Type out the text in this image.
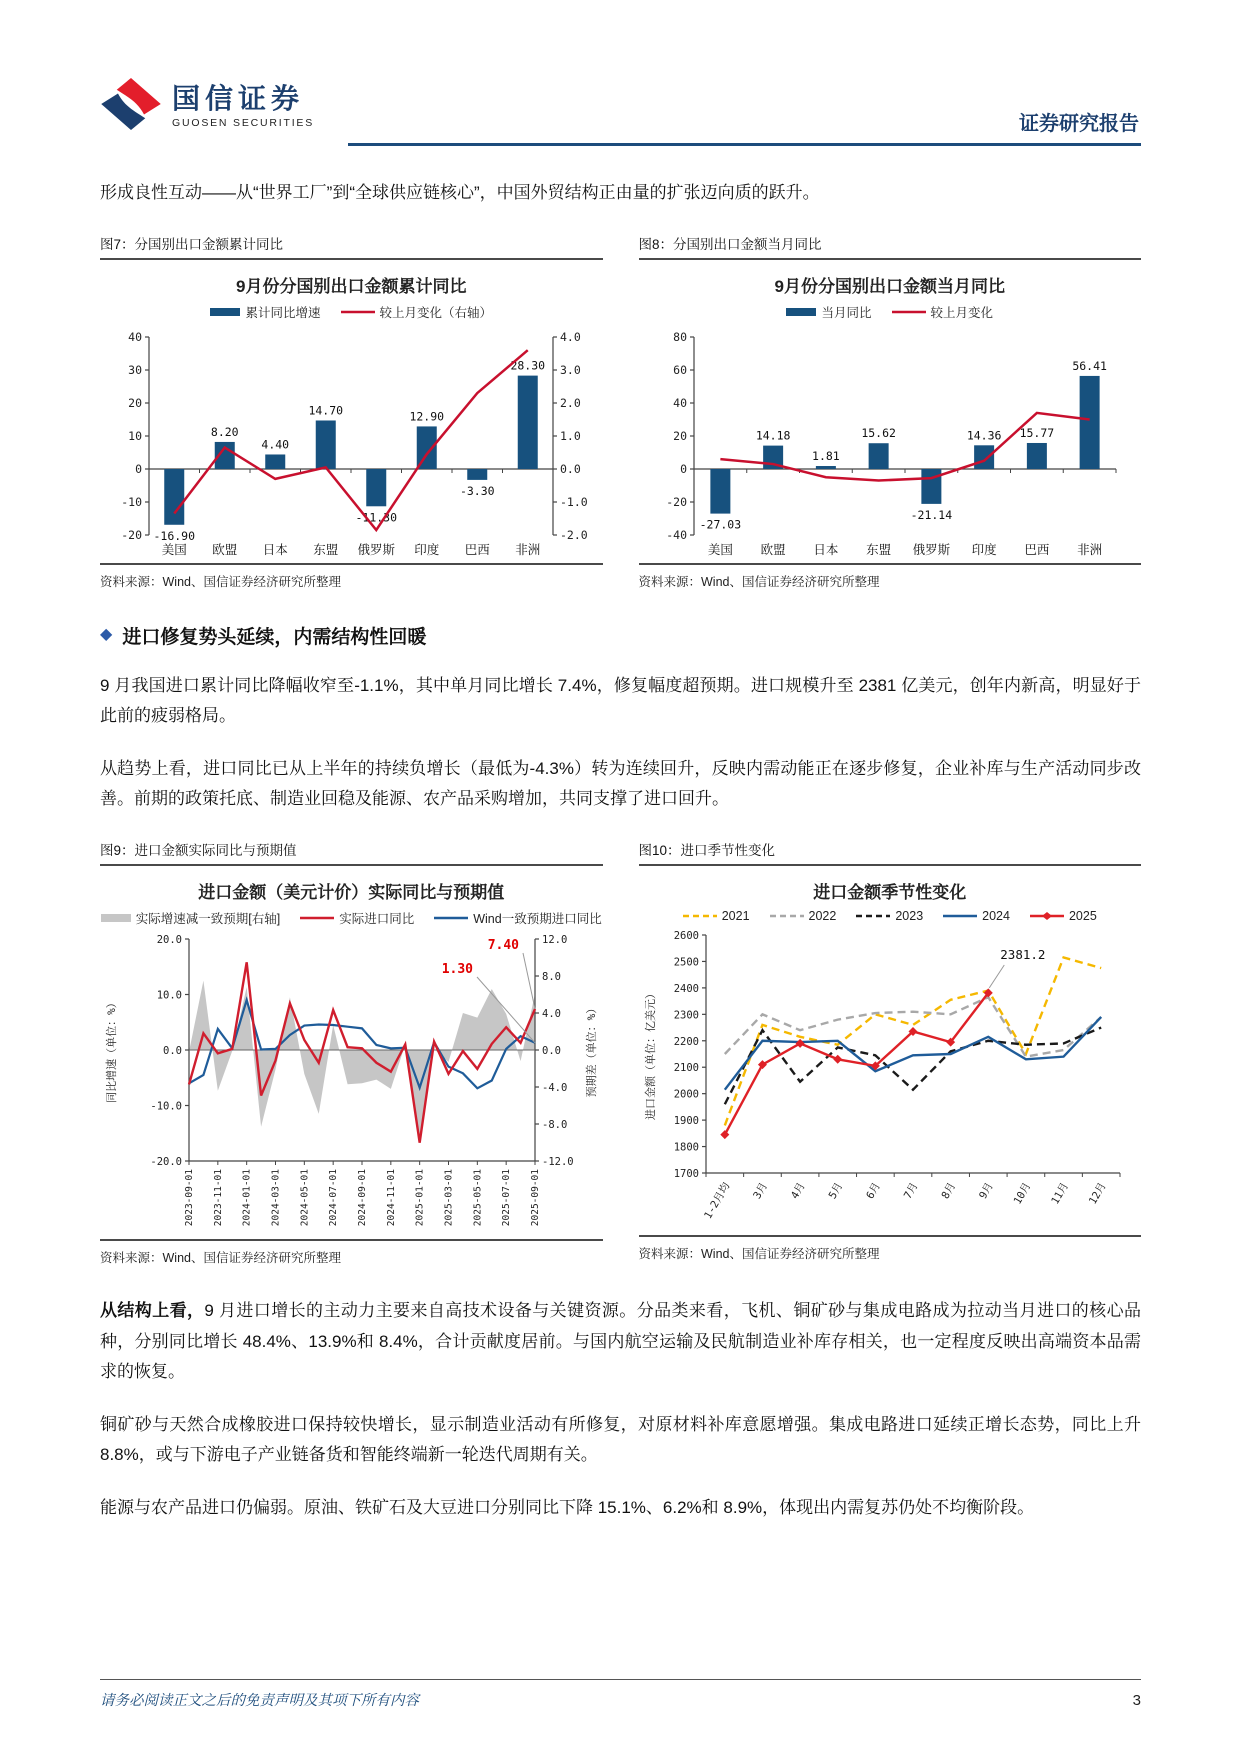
国信证券
GUOSEN SECURITIES	证券研究报告
形成良性互动——从“世界工厂”到“全球供应链核心”，中国外贸结构正由量的扩张迈向质的跃升。
图7：分国别出口金额累计同比
9月份分国别出口金额累计同比
累计同比增速	较上月变化（右轴）
-20
-10
0
10
20
30
40
-2.0
-1.0
0.0
1.0
2.0
3.0
4.0
-16.90
8.20
4.40
14.70
-11.30
12.90
-3.30
28.30
美国 欧盟 日本 东盟 俄罗斯 印度 巴西 非洲
资料来源：Wind、国信证券经济研究所整理
图8：分国别出口金额当月同比
9月份分国别出口金额当月同比
当月同比	较上月变化
-40
-20
0
20
40
60
80
-27.03
14.18
1.81
15.62
-21.14
14.36 15.77
56.41
美国 欧盟 日本 东盟 俄罗斯 印度 巴西 非洲
资料来源：Wind、国信证券经济研究所整理
◆ 进口修复势头延续，内需结构性回暖

9 月我国进口累计同比降幅收窄至-1.1%，其中单月同比增长 7.4%，修复幅度超预期。进口规模升至 2381 亿美元，创年内新高，明显好于此前的疲弱格局。

从趋势上看，进口同比已从上半年的持续负增长（最低为-4.3%）转为连续回升，反映内需动能正在逐步修复，企业补库与生产活动同步改善。前期的政策托底、制造业回稳及能源、农产品采购增加，共同支撑了进口回升。

图9：进口金额实际同比与预期值
进口金额（美元计价）实际同比与预期值
实际增速减一致预期[右轴]	实际进口同比	Wind一致预期进口同比
-20.0
-10.0
0.0
10.0
20.0
-12.0
-8.0
-4.0
0.0
4.0
8.0
12.0
2023-09-01 2023-11-01 2024-01-01 2024-03-01 2024-05-01 2024-07-01 2024-09-01 2024-11-01 2025-01-01 2025-03-01 2025-05-01 2025-07-01 2025-09-01
同比增速（单位：%）	预期差（单位：%）
7.40
1.30
资料来源：Wind、国信证券经济研究所整理
图10：进口季节性变化
进口金额季节性变化
2021	2022	2023	2024	2025
1700
1800
1900
2000
2100
2200
2300
2400
2500
2600
1-2月均 3月 4月 5月 6月 7月 8月 9月 10月 11月 12月
进口金额（单位：亿美元）
2381.2
资料来源：Wind、国信证券经济研究所整理

从结构上看，9 月进口增长的主动力主要来自高技术设备与关键资源。分品类来看，飞机、铜矿砂与集成电路成为拉动当月进口的核心品种，分别同比增长 48.4%、13.9%和 8.4%，合计贡献度居前。与国内航空运输及民航制造业补库存相关，也一定程度反映出高端资本品需求的恢复。

铜矿砂与天然合成橡胶进口保持较快增长，显示制造业活动有所修复，对原材料补库意愿增强。集成电路进口延续正增长态势，同比上升 8.8%，或与下游电子产业链备货和智能终端新一轮迭代周期有关。

能源与农产品进口仍偏弱。原油、铁矿石及大豆进口分别同比下降 15.1%、6.2%和 8.9%，体现出内需复苏仍处不均衡阶段。

请务必阅读正文之后的免责声明及其项下所有内容	3
